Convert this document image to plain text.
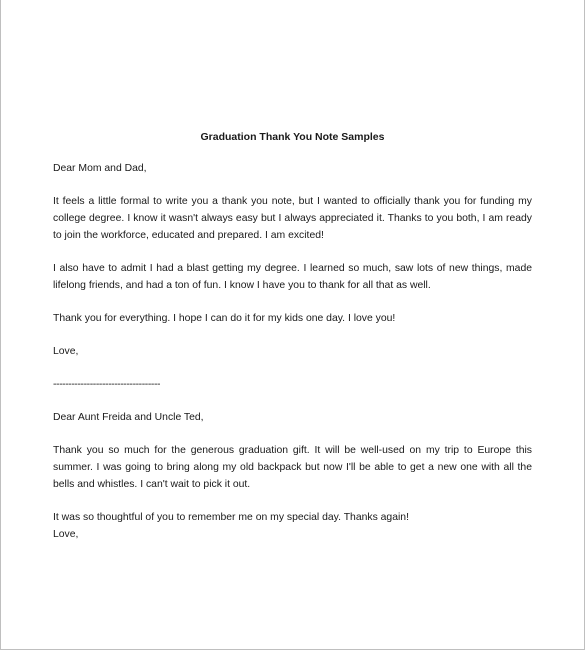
Graduation Thank You Note Samples

Dear Mom and Dad,

It feels a little formal to write you a thank you note, but I wanted to officially thank you for funding my college degree. I know it wasn't always easy but I always appreciated it. Thanks to you both, I am ready to join the workforce, educated and prepared. I am excited!

I also have to admit I had a blast getting my degree. I learned so much, saw lots of new things, made lifelong friends, and had a ton of fun. I know I have you to thank for all that as well.

Thank you for everything. I hope I can do it for my kids one day. I love you!

Love,

-----------------------------------

Dear Aunt Freida and Uncle Ted,

Thank you so much for the generous graduation gift. It will be well-used on my trip to Europe this summer. I was going to bring along my old backpack but now I'll be able to get a new one with all the bells and whistles. I can't wait to pick it out.

It was so thoughtful of you to remember me on my special day. Thanks again!

Love,
